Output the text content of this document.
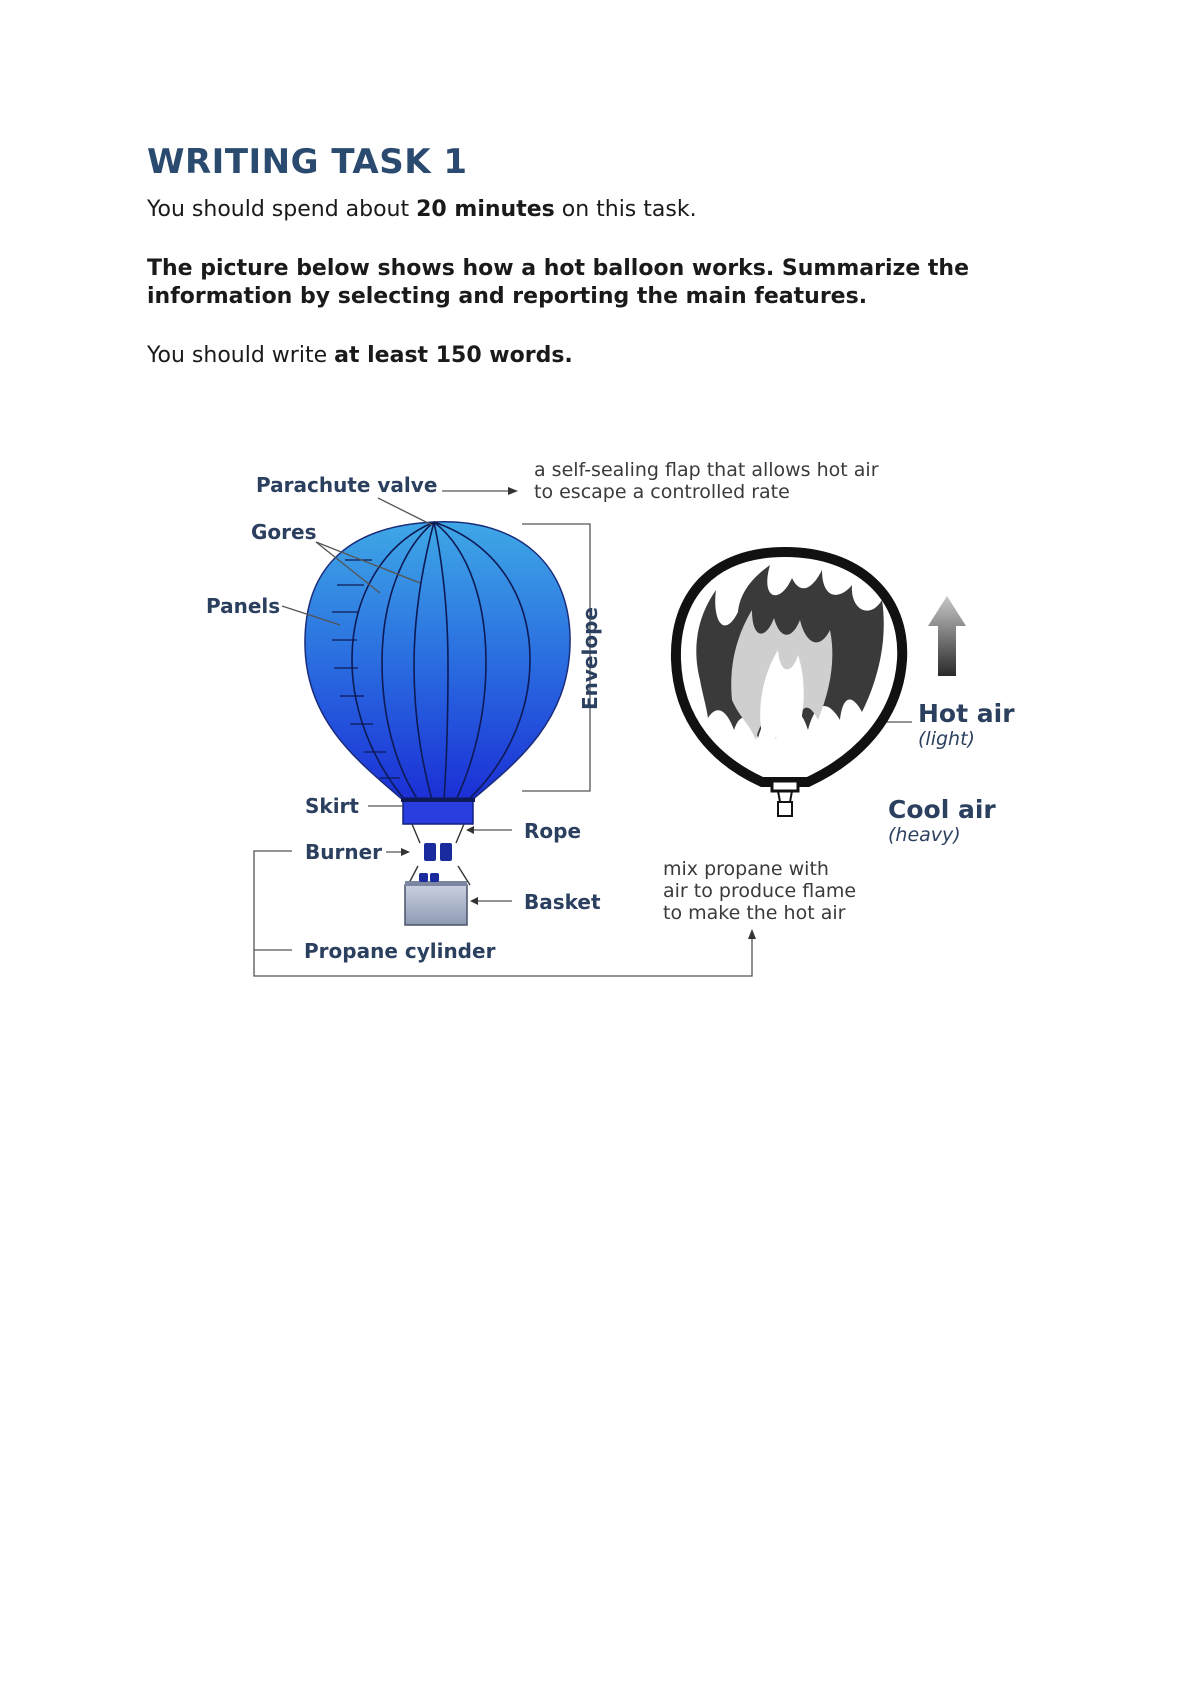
WRITING TASK 1

You should spend about 20 minutes on this task.

The picture below shows how a hot balloon works. Summarize the information by selecting and reporting the main features.

You should write at least 150 words.

Parachute valve
Gores
Panels
Envelope
Skirt
Burner
Rope
Basket
Propane cylinder
a self-sealing flap that allows hot air
to escape a controlled rate
mix propane with
air to produce flame
to make the hot air
Hot air
(light)
Cool air
(heavy)
